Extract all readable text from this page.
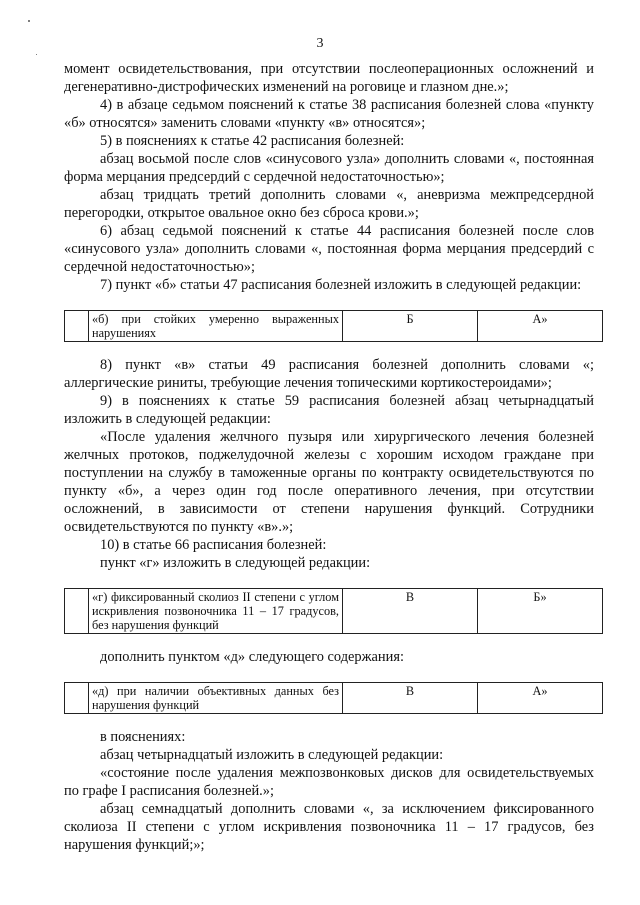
3

момент освидетельствования, при отсутствии послеоперационных осложнений и дегенеративно-дистрофических изменений на роговице и глазном дне.»;

4) в абзаце седьмом пояснений к статье 38 расписания болезней слова «пункту «б» относятся» заменить словами «пункту «в» относятся»;

5) в пояснениях к статье 42 расписания болезней:

абзац восьмой после слов «синусового узла» дополнить словами «, постоянная форма мерцания предсердий с сердечной недостаточностью»;

абзац тридцать третий дополнить словами «, аневризма межпредсердной перегородки, открытое овальное окно без сброса крови.»;

6) абзац седьмой пояснений к статье 44 расписания болезней после слов «синусового узла» дополнить словами «, постоянная форма мерцания предсердий с сердечной недостаточностью»;

7) пункт «б» статьи 47 расписания болезней изложить в следующей редакции:

	«б) при стойких умеренно выраженных нарушениях	Б	А»

8) пункт «в» статьи 49 расписания болезней дополнить словами «; аллергические риниты, требующие лечения топическими кортикостероидами»;

9) в пояснениях к статье 59 расписания болезней абзац четырнадцатый изложить в следующей редакции:

«После удаления желчного пузыря или хирургического лечения болезней желчных протоков, поджелудочной железы с хорошим исходом граждане при поступлении на службу в таможенные органы по контракту освидетельствуются по пункту «б», а через один год после оперативного лечения, при отсутствии осложнений, в зависимости от степени нарушения функций. Сотрудники освидетельствуются по пункту «в».»;

10) в статье 66 расписания болезней:

пункт «г» изложить в следующей редакции:

	«г) фиксированный сколиоз II степени с углом искривления позвоночника 11 – 17 градусов, без нарушения функций	В	Б»

дополнить пунктом «д» следующего содержания:

	«д) при наличии объективных данных без нарушения функций	В	А»

в пояснениях:

абзац четырнадцатый изложить в следующей редакции:

«состояние после удаления межпозвонковых дисков для освидетельствуемых по графе I расписания болезней.»;

абзац семнадцатый дополнить словами «, за исключением фиксированного сколиоза II степени с углом искривления позвоночника 11 – 17 градусов, без нарушения функций;»;
